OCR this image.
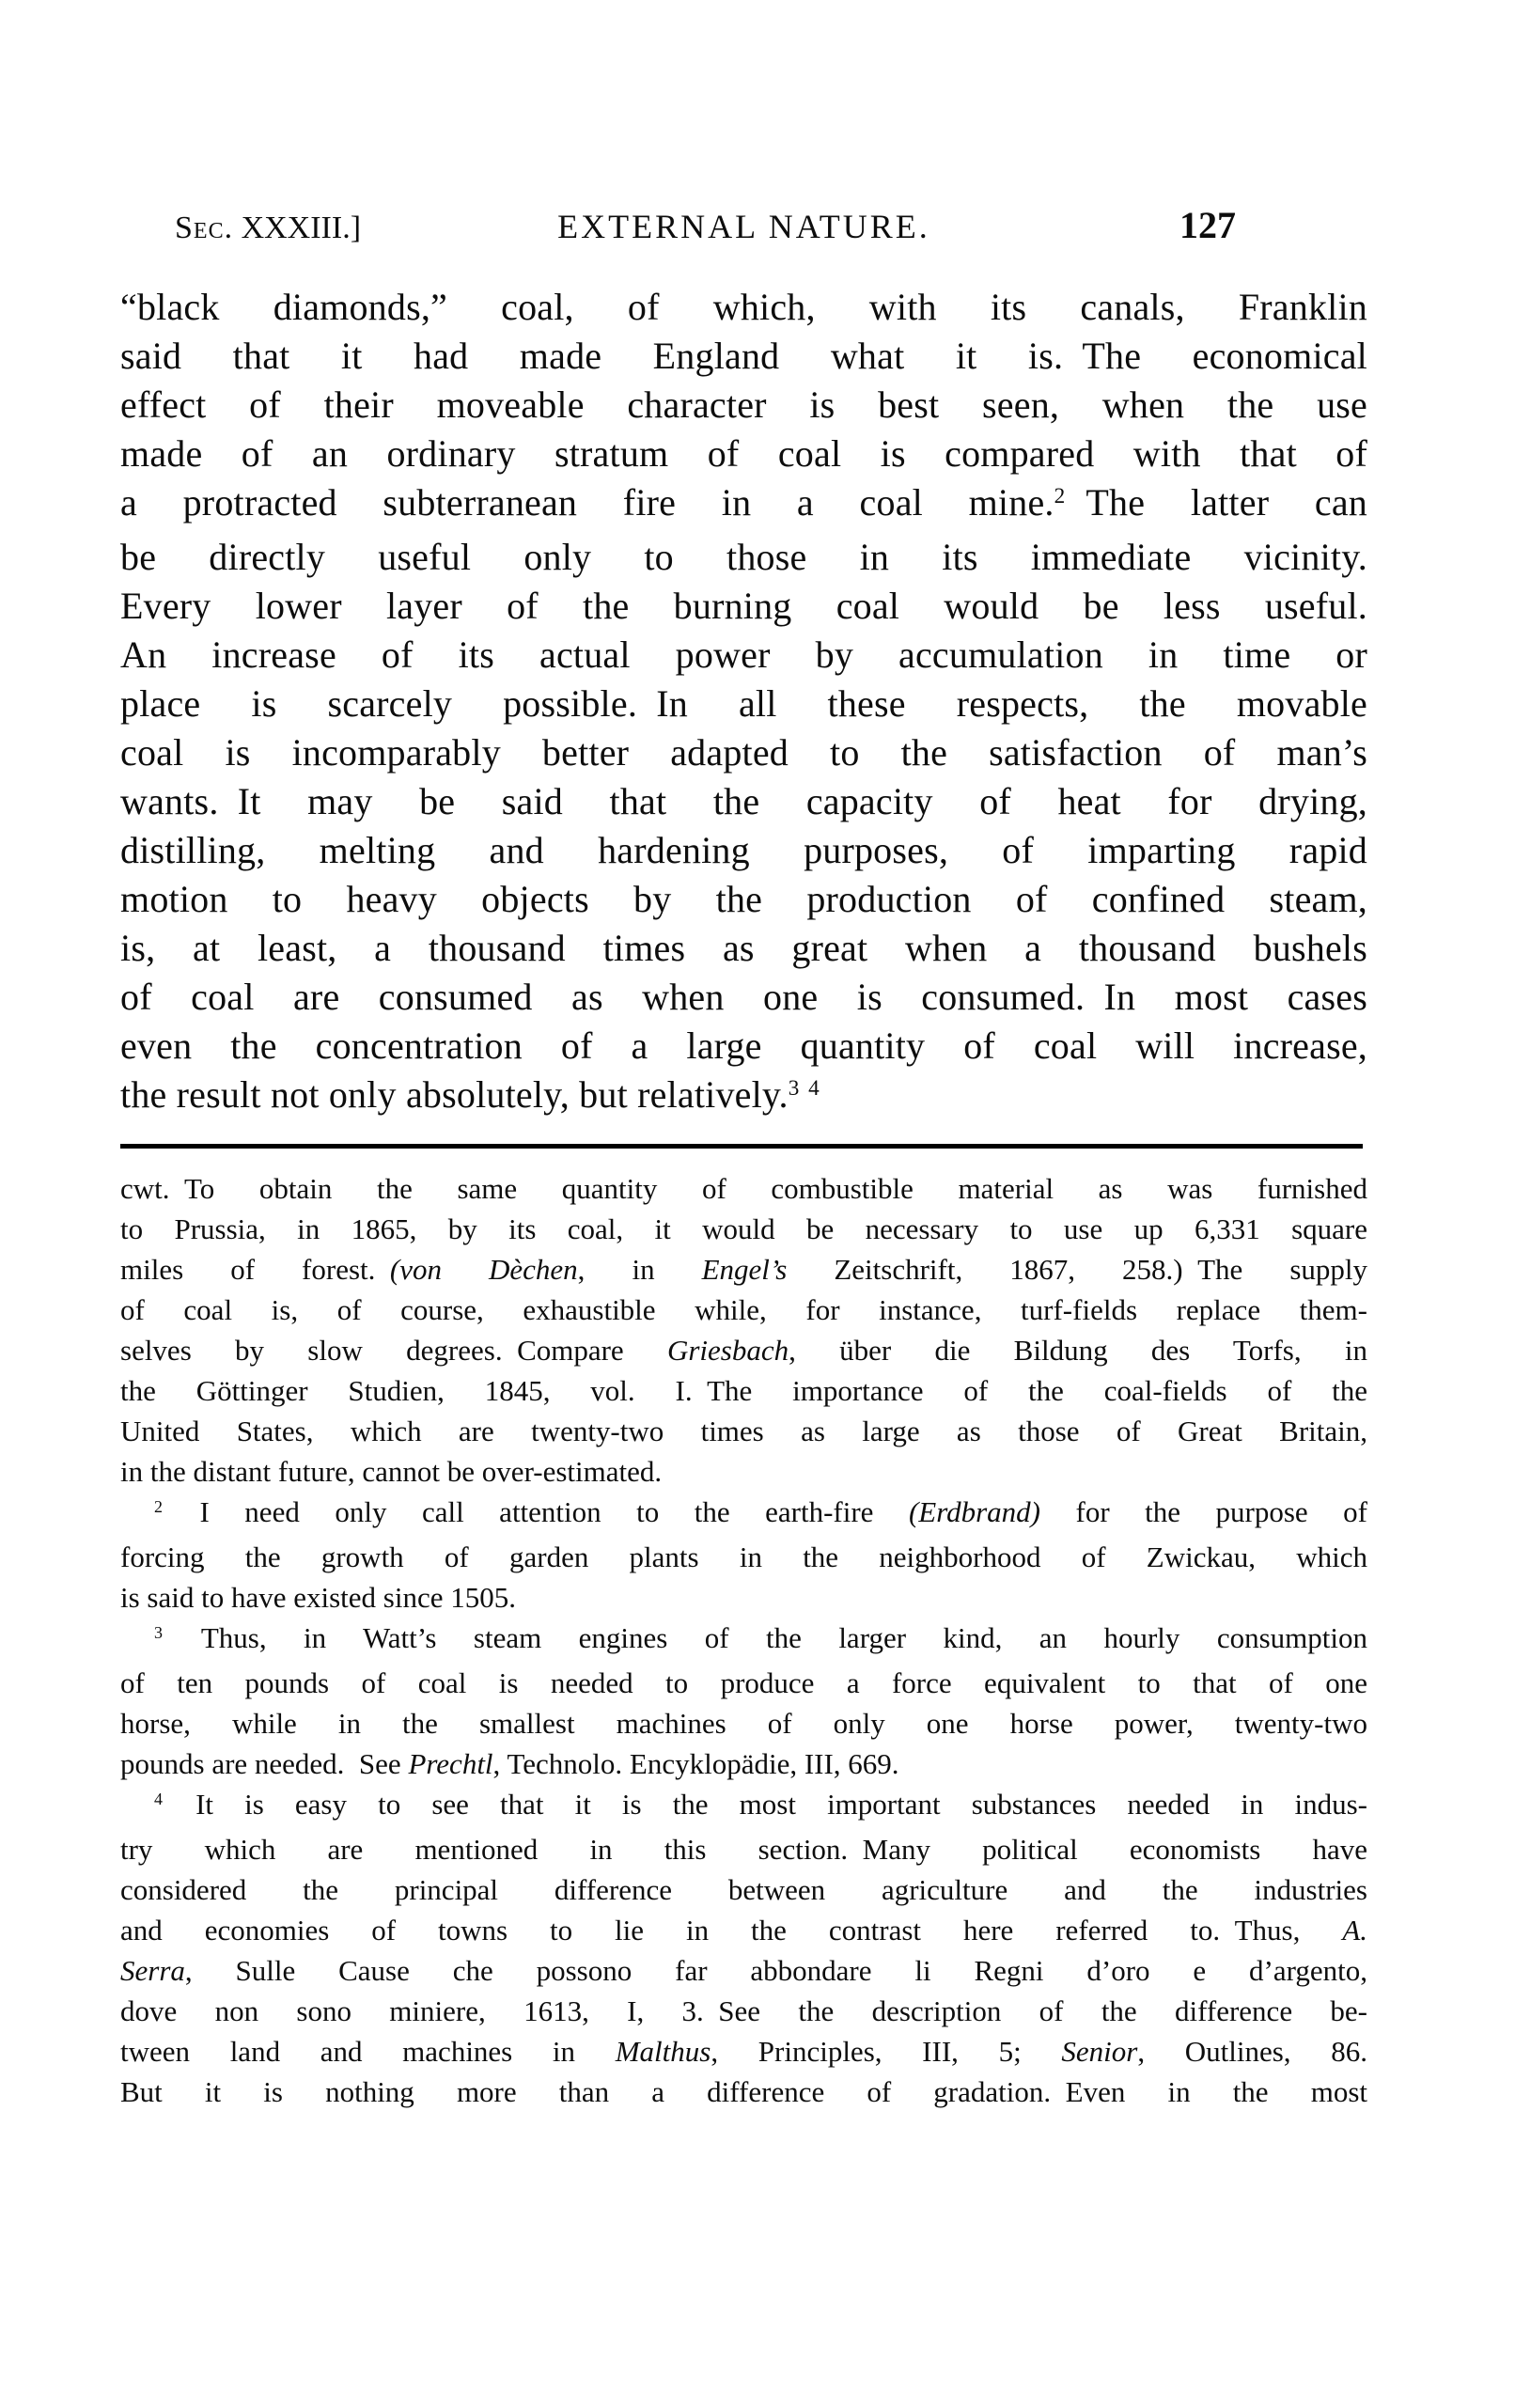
Sec. XXXIII.]	EXTERNAL NATURE.	127
“black diamonds,” coal, of which, with its canals, Franklin
said that it had made England what it is. The economical
effect of their moveable character is best seen, when the use
made of an ordinary stratum of coal is compared with that of
a protracted subterranean fire in a coal mine.$^2$ The latter can
be directly useful only to those in its immediate vicinity.
Every lower layer of the burning coal would be less useful.
An increase of its actual power by accumulation in time or
place is scarcely possible. In all these respects, the movable
coal is incomparably better adapted to the satisfaction of man’s
wants. It may be said that the capacity of heat for drying,
distilling, melting and hardening purposes, of imparting rapid
motion to heavy objects by the production of confined steam,
is, at least, a thousand times as great when a thousand bushels
of coal are consumed as when one is consumed. In most cases
even the concentration of a large quantity of coal will increase,
the result not only absolutely, but relatively.$^{3 4}$
cwt. To obtain the same quantity of combustible material as was furnished
to Prussia, in 1865, by its coal, it would be necessary to use up 6,331 square
miles of forest. (von Dèchen, in Engel’s Zeitschrift, 1867, 258.) The supply
of coal is, of course, exhaustible while, for instance, turf-fields replace them-
selves by slow degrees. Compare Griesbach, über die Bildung des Torfs, in
the Göttinger Studien, 1845, vol. I. The importance of the coal-fields of the
United States, which are twenty-two times as large as those of Great Britain,
in the distant future, cannot be over-estimated.
$^2$ I need only call attention to the earth-fire (Erdbrand) for the purpose of
forcing the growth of garden plants in the neighborhood of Zwickau, which
is said to have existed since 1505.
$^3$ Thus, in Watt’s steam engines of the larger kind, an hourly consumption
of ten pounds of coal is needed to produce a force equivalent to that of one
horse, while in the smallest machines of only one horse power, twenty-two
pounds are needed. See Prechtl, Technolo. Encyklopädie, III, 669.
$^4$ It is easy to see that it is the most important substances needed in indus-
try which are mentioned in this section. Many political economists have
considered the principal difference between agriculture and the industries
and economies of towns to lie in the contrast here referred to. Thus, A.
Serra, Sulle Cause che possono far abbondare li Regni d’oro e d’argento,
dove non sono miniere, 1613, I, 3. See the description of the difference be-
tween land and machines in Malthus, Principles, III, 5; Senior, Outlines, 86.
But it is nothing more than a difference of gradation. Even in the most
